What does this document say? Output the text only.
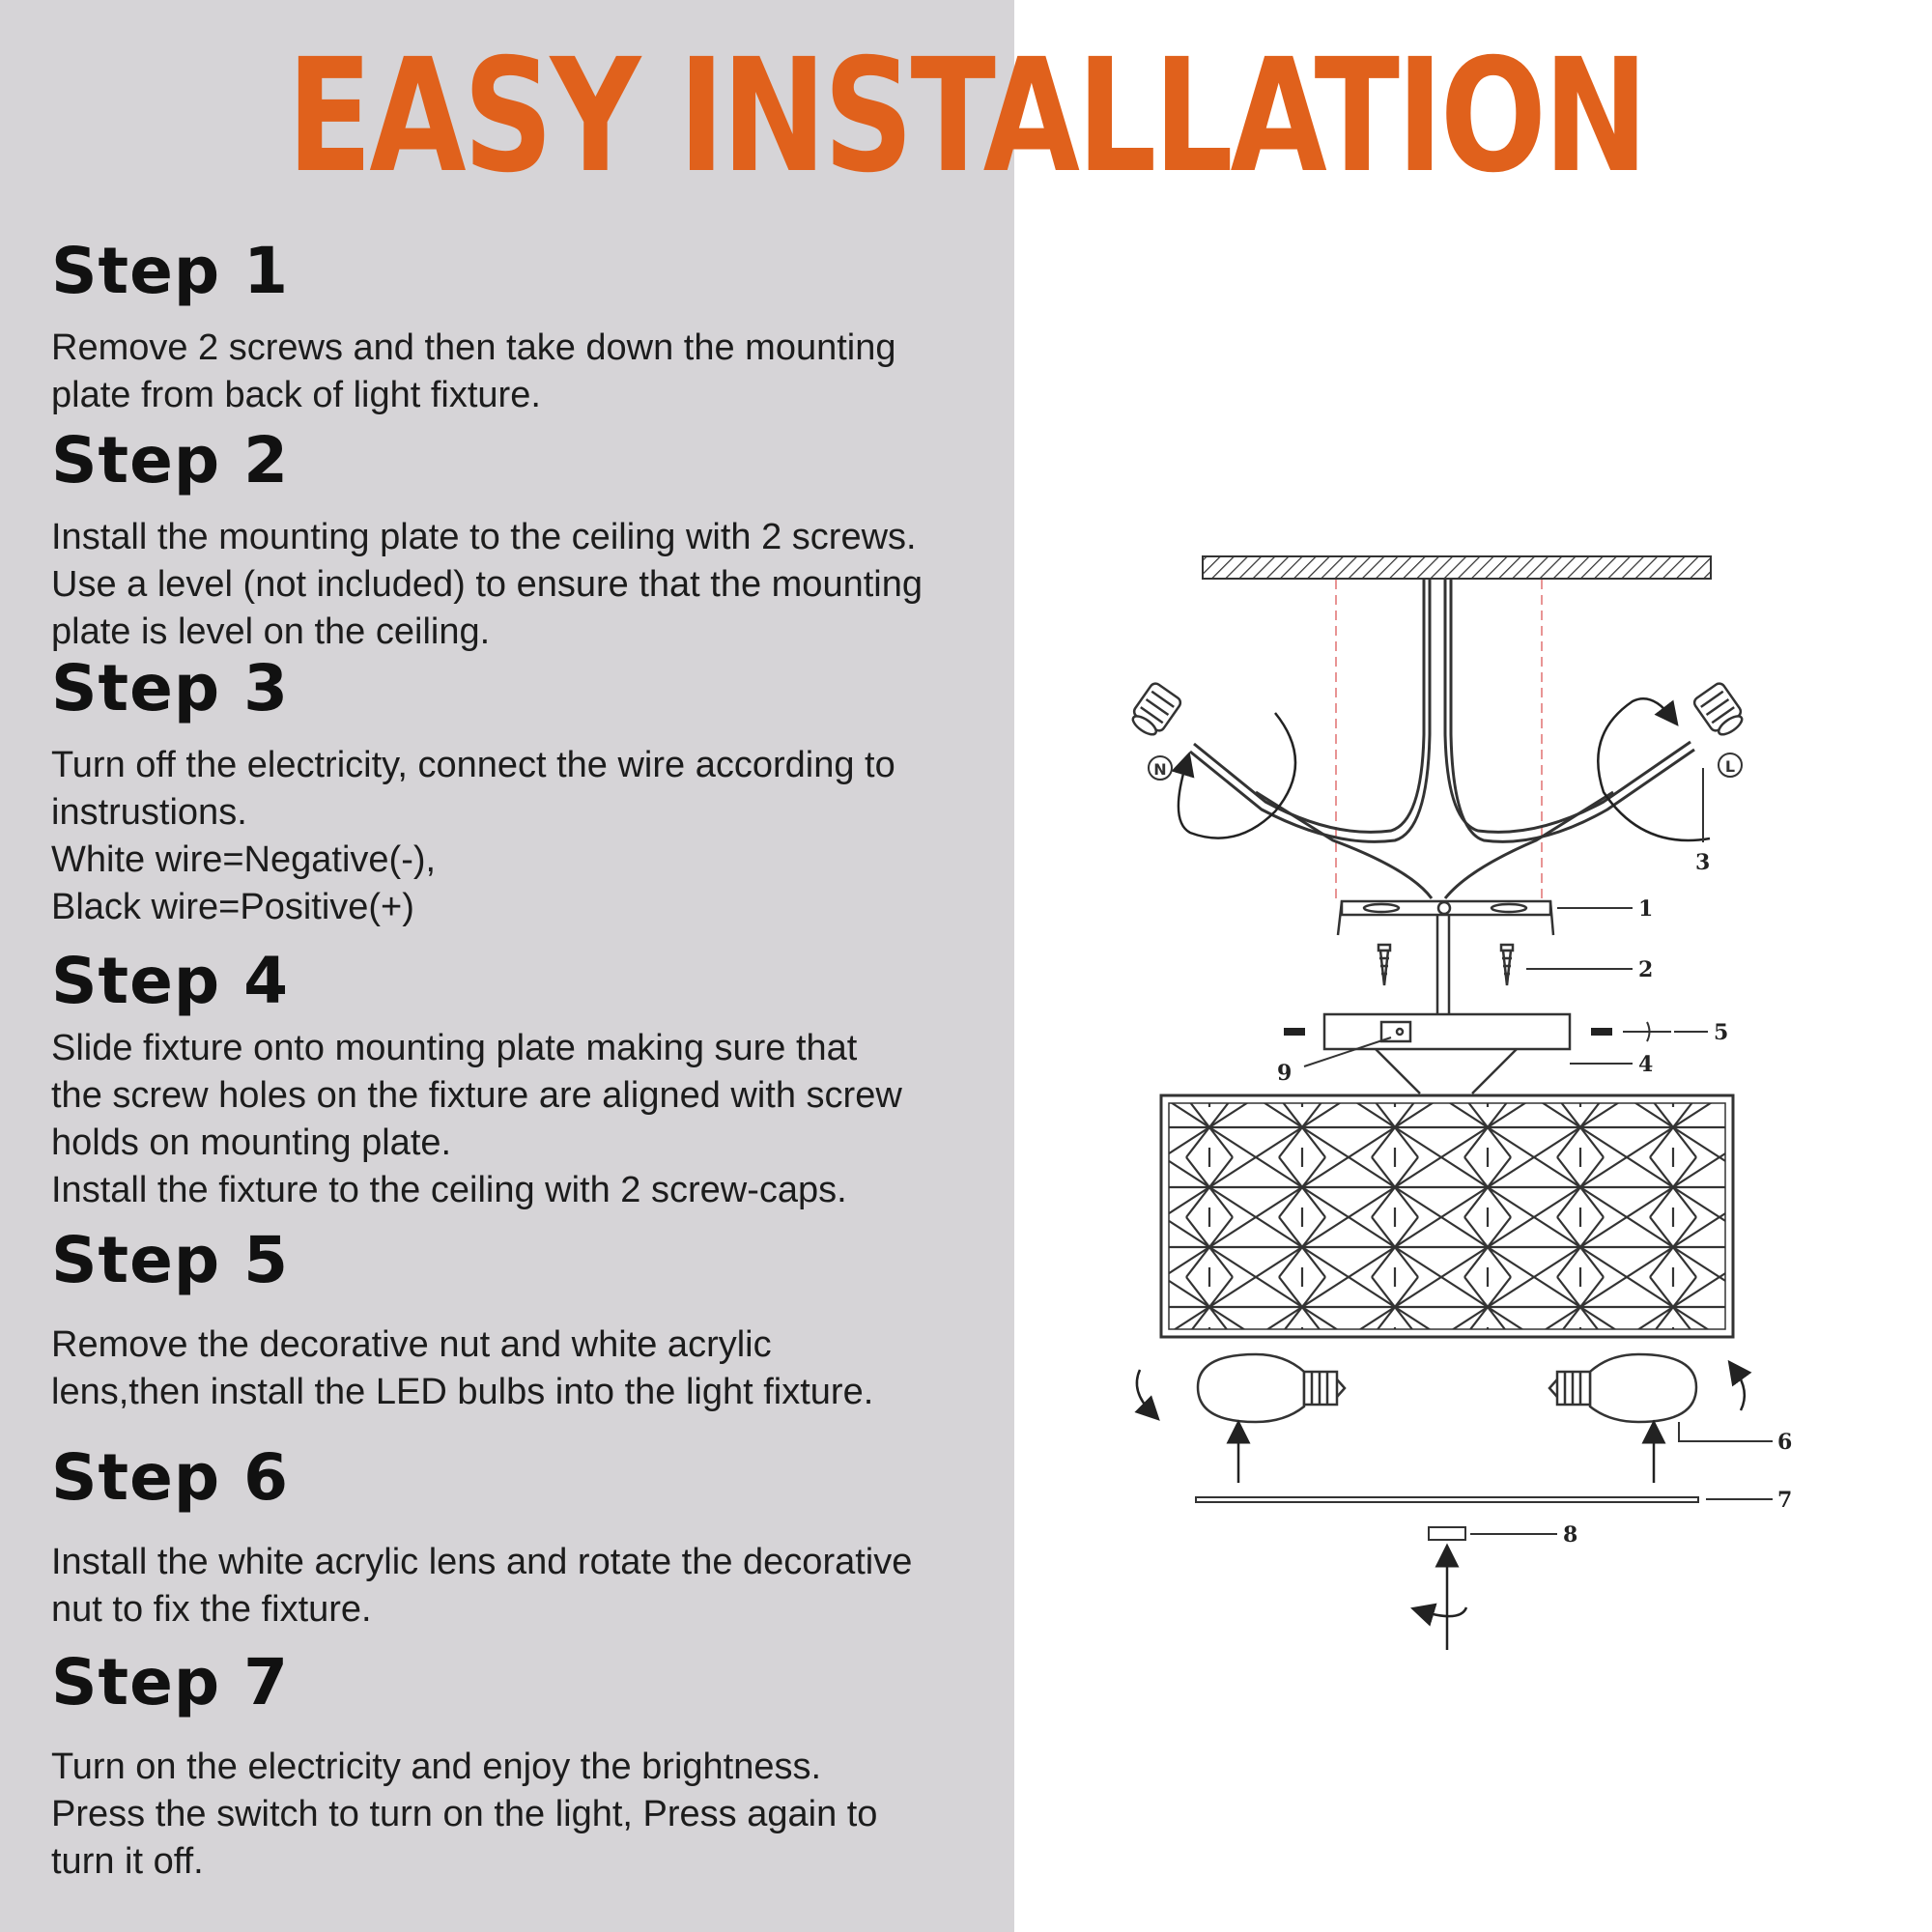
EASY INSTALLATION
Step 1
Remove 2 screws and then take down the mounting
plate from back of light fixture.
Step 2
Install the mounting plate to the ceiling with 2 screws.
Use a level (not included) to ensure that the mounting
plate is level on the ceiling.
Step 3
Turn off the electricity, connect the wire according to
instrustions.
White wire=Negative(-),
Black wire=Positive(+)
Step 4
Slide fixture onto mounting plate making sure that
the screw holes on the fixture are aligned with screw
holds on mounting plate.
Install the fixture to the ceiling with 2 screw-caps.
Step 5
Remove the decorative nut and white acrylic
lens,then install the LED bulbs into the light fixture.
Step 6
Install the white acrylic lens and rotate the decorative
nut to fix the fixture.
Step 7
Turn on the electricity and enjoy the brightness.
Press the switch to turn on the light, Press again to
turn it off.
N	L
1
2
3
4
5
6
7
8
9
